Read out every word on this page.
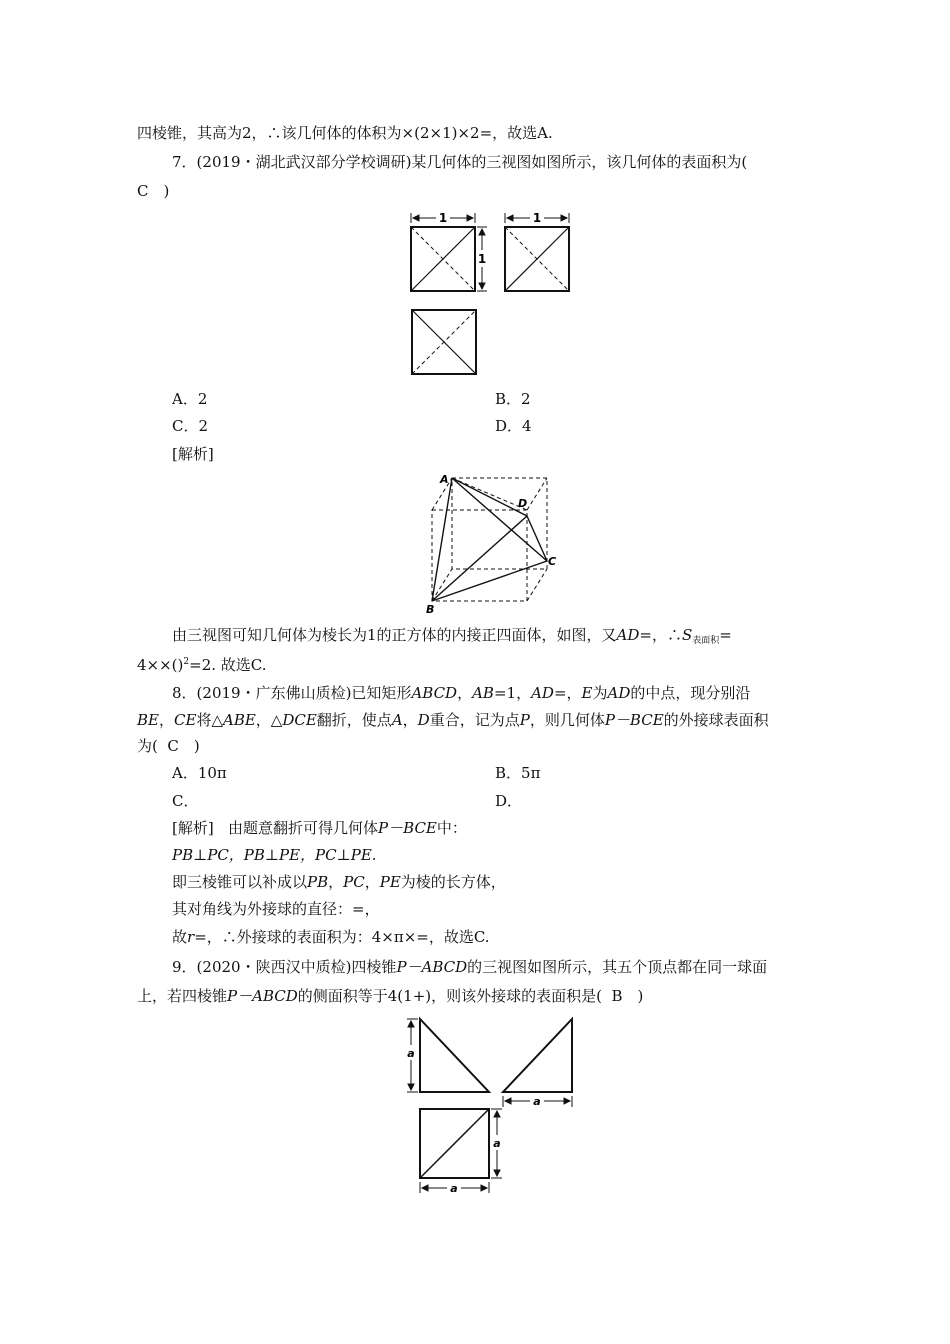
四棱锥，其高为2，∴该几何体的体积为×(2×1)×2=，故选A.
7．(2019・湖北武汉部分学校调研)某几何体的三视图如图所示，该几何体的表面积为(
C　)
1
1
1
A．2	B．2
C．2	D．4
[解析]
A
D
C
B
由三视图可知几何体为棱长为1的正方体的内接正四面体，如图，又AD=，$\therefore S_{表面积}=$
4××()$^2$=2. 故选C.
8．(2019・广东佛山质检)已知矩形ABCD，AB=1，AD=，E为AD的中点，现分别沿
BE，CE将△ABE，△DCE翻折，使点A，D重合，记为点P，则几何体P－BCE的外接球表面积
为( C　)
A．10π	B．5π
C．	D．
[解析] 由题意翻折可得几何体P－BCE中：
PB⊥PC，PB⊥PE，PC⊥PE.
即三棱锥可以补成以PB，PC，PE为棱的长方体，
其对角线为外接球的直径：=，
故r=，∴外接球的表面积为：4×π×=，故选C.
9．(2020・陕西汉中质检)四棱锥P－ABCD的三视图如图所示，其五个顶点都在同一球面
上，若四棱锥P－ABCD的侧面积等于4(1+)，则该外接球的表面积是( B　)
a
a
a
a
